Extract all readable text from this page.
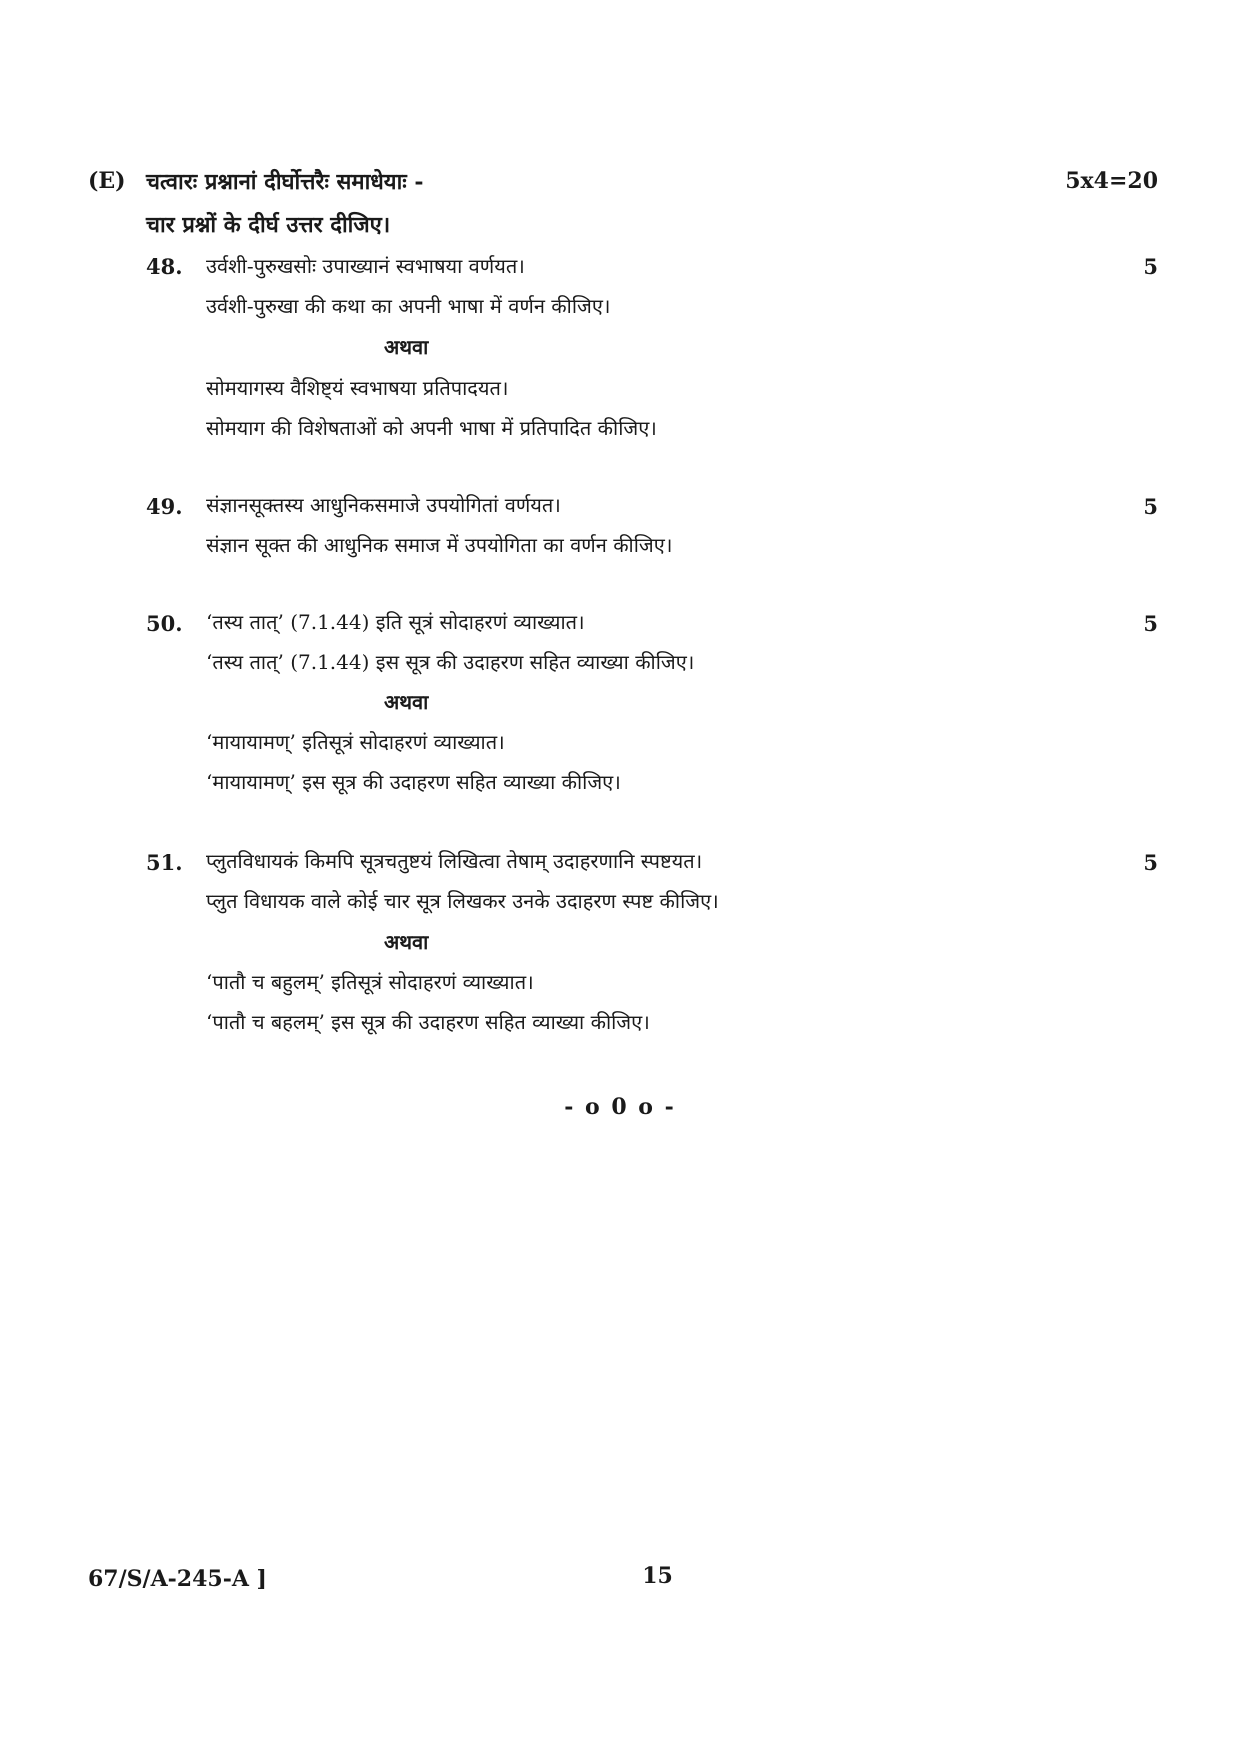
(E) चत्वारः प्रश्नानां दीर्घोत्तरैः समाधेयाः -	5x4=20
चार प्रश्नों के दीर्घ उत्तर दीजिए।
48. उर्वशी-पुरुखसोः उपाख्यानं स्वभाषया वर्णयत।	5
उर्वशी-पुरुखा की कथा का अपनी भाषा में वर्णन कीजिए।
अथवा
सोमयागस्य वैशिष्ट्यं स्वभाषया प्रतिपादयत।
सोमयाग की विशेषताओं को अपनी भाषा में प्रतिपादित कीजिए।
49. संज्ञानसूक्तस्य आधुनिकसमाजे उपयोगितां वर्णयत।	5
संज्ञान सूक्त की आधुनिक समाज में उपयोगिता का वर्णन कीजिए।
50. ‘तस्य तात्’ (7.1.44) इति सूत्रं सोदाहरणं व्याख्यात।	5
‘तस्य तात्’ (7.1.44) इस सूत्र की उदाहरण सहित व्याख्या कीजिए।
अथवा
‘मायायामण्’ इतिसूत्रं सोदाहरणं व्याख्यात।
‘मायायामण्’ इस सूत्र की उदाहरण सहित व्याख्या कीजिए।
51. प्लुतविधायकं किमपि सूत्रचतुष्टयं लिखित्वा तेषाम् उदाहरणानि स्पष्टयत।	5
प्लुत विधायक वाले कोई चार सूत्र लिखकर उनके उदाहरण स्पष्ट कीजिए।
अथवा
‘पातौ च बहुलम्’ इतिसूत्रं सोदाहरणं व्याख्यात।
‘पातौ च बहलम्’ इस सूत्र की उदाहरण सहित व्याख्या कीजिए।
- o 0 o -
67/S/A-245-A ]	15
